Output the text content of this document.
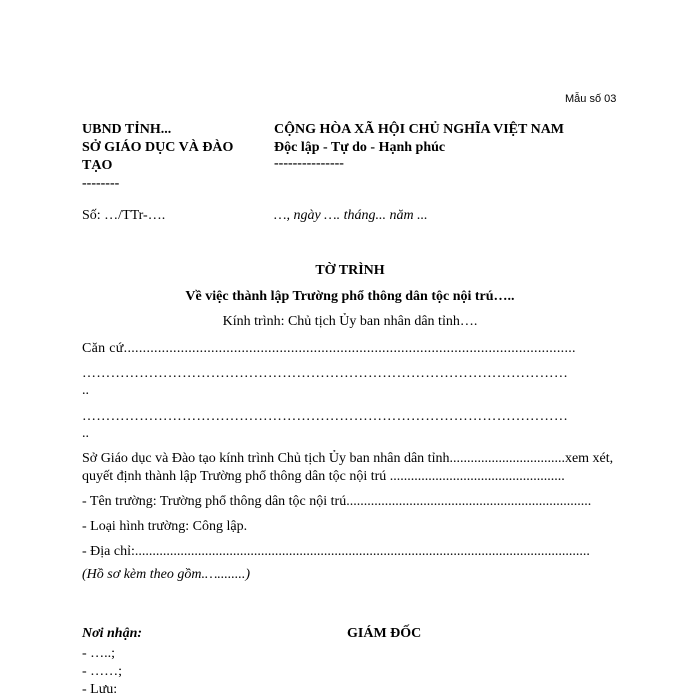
Mẫu số 03
UBND TỈNH...
SỞ GIÁO DỤC VÀ ĐÀO
TẠO
--------
CỘNG HÒA XÃ HỘI CHỦ NGHĨA VIỆT NAM
Độc lập - Tự do - Hạnh phúc
---------------
Số: …/TTr-….	…, ngày …. tháng... năm ...
TỜ TRÌNH
Về việc thành lập Trường phổ thông dân tộc nội trú…..
Kính trình: Chủ tịch Ủy ban nhân dân tỉnh….
Căn cứ.......................................................................................................................
…………………………………………………………………………………………
..
…………………………………………………………………………………………
..
Sở Giáo dục và Đào tạo kính trình Chủ tịch Ủy ban nhân dân tỉnh.................................xem xét,
quyết định thành lập Trường phổ thông dân tộc nội trú ..................................................
- Tên trường: Trường phổ thông dân tộc nội trú......................................................................
- Loại hình trường: Công lập.
- Địa chỉ:..................................................................................................................................
(Hồ sơ kèm theo gồm.…........)
Nơi nhận:
- …..;
- ……;
- Lưu:
GIÁM ĐỐC
